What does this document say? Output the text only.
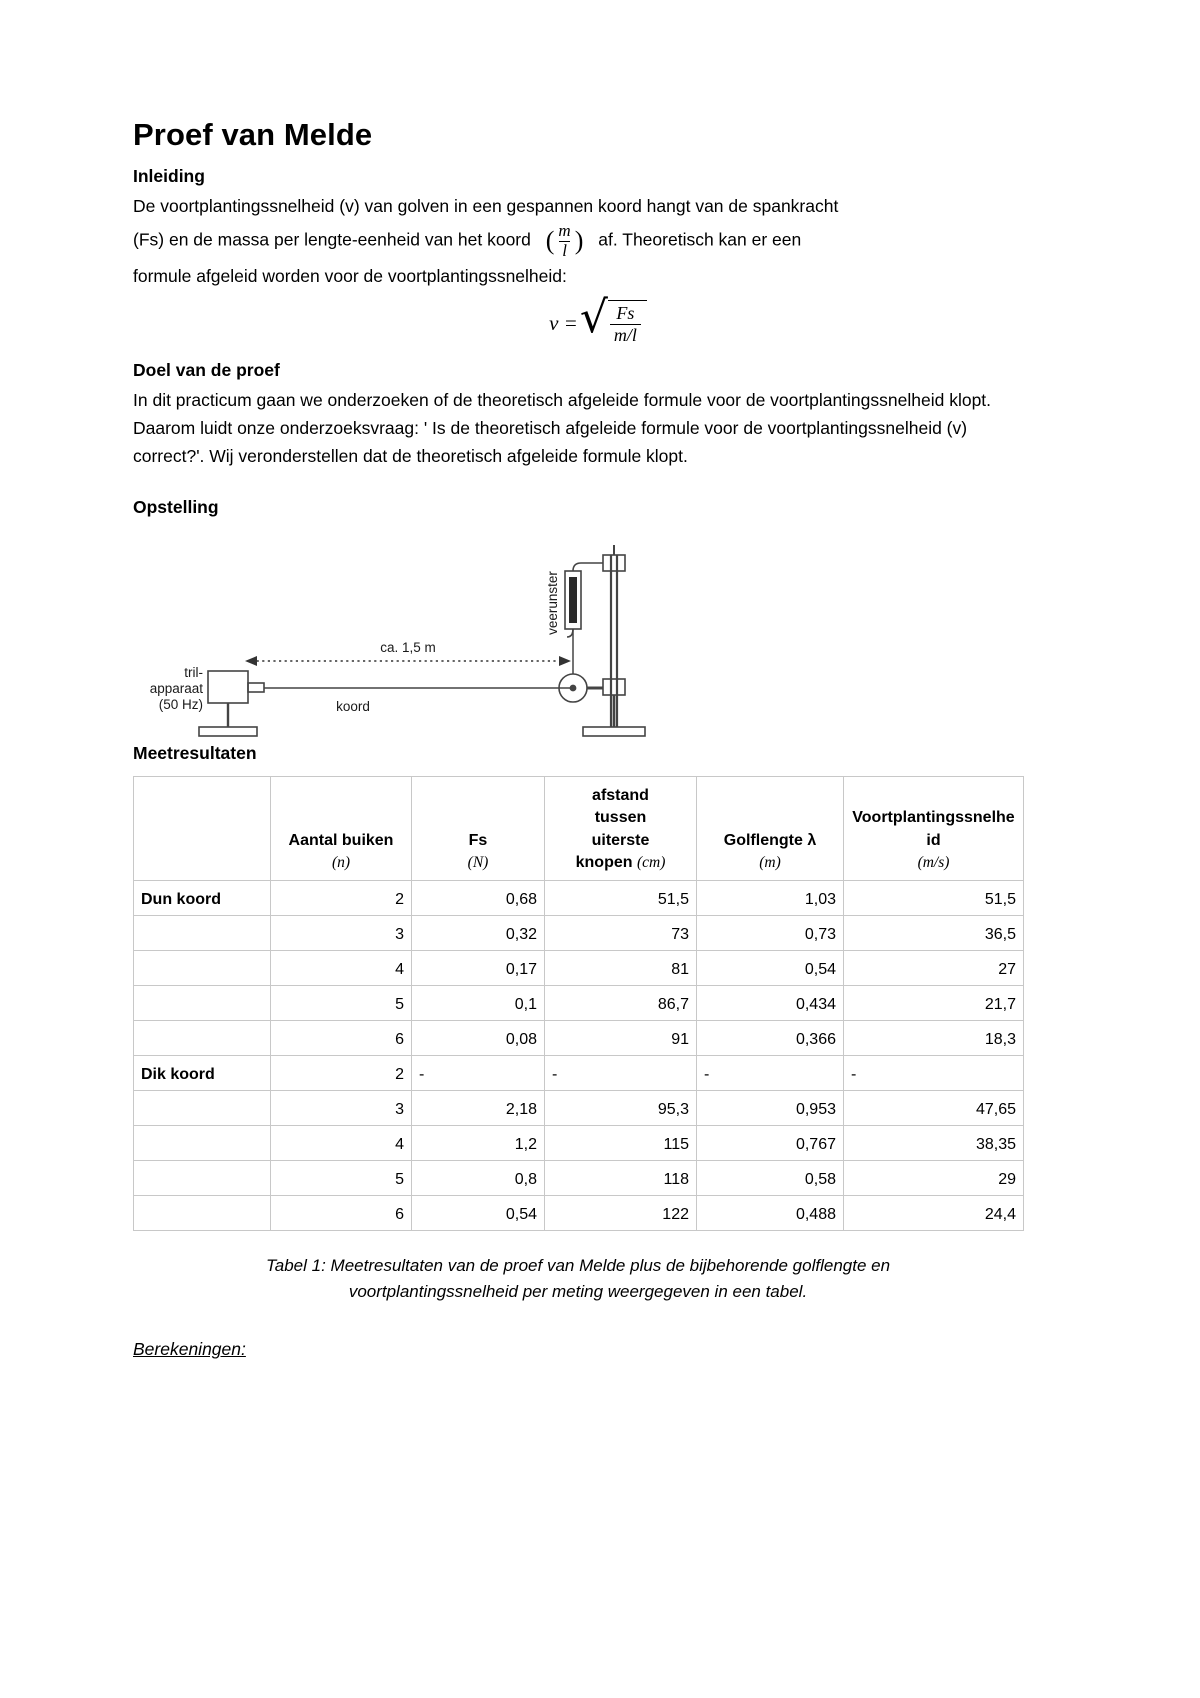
Proef van Melde
Inleiding

De voortplantingssnelheid (v) van golven in een gespannen koord hangt van de spankracht

(Fs) en de massa per lengte-eenheid van het koord ( $\frac{m}{l}$ ) af. Theoretisch kan er een

formule afgeleid worden voor de voortplantingssnelheid:

v = √ $\frac{Fs}{m/l}$
Doel van de proef

In dit practicum gaan we onderzoeken of de theoretisch afgeleide formule voor de voortplantingssnelheid klopt. Daarom luidt onze onderzoeksvraag: ' Is de theoretisch afgeleide formule voor de voortplantingssnelheid (v) correct?'. Wij veronderstellen dat de theoretisch afgeleide formule klopt.

Opstelling
ca. 1,5 m
tril-
apparaat
(50 Hz)	koord
veerunster
Meetresultaten
	Aantal buiken
(n)	Fs
(N)	afstand
tussen
uiterste
knopen (cm)	Golflengte λ
(m)	Voortplantingssnelhe
id
(m/s)
Dun koord	2	0,68	51,5	1,03	51,5
	3	0,32	73	0,73	36,5
	4	0,17	81	0,54	27
	5	0,1	86,7	0,434	21,7
	6	0,08	91	0,366	18,3
Dik koord	2	-	-	-	-
	3	2,18	95,3	0,953	47,65
	4	1,2	115	0,767	38,35
	5	0,8	118	0,58	29
	6	0,54	122	0,488	24,4
Tabel 1: Meetresultaten van de proef van Melde plus de bijbehorende golflengte en voortplantingssnelheid per meting weergegeven in een tabel.
Berekeningen:
